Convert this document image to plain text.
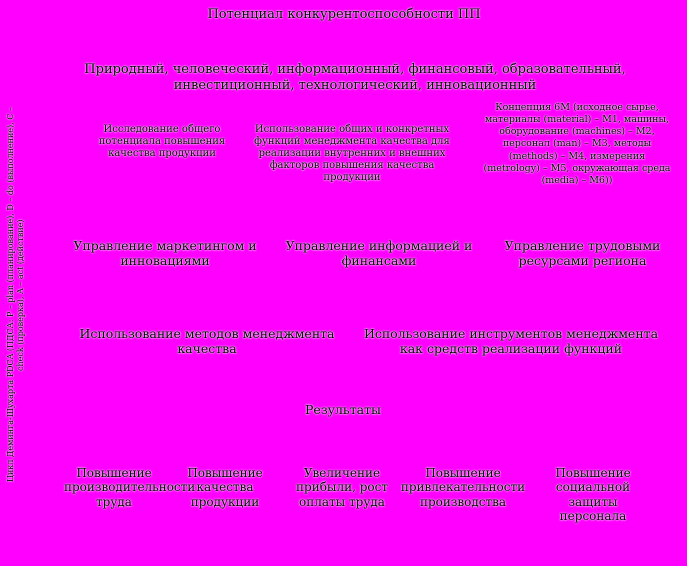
Потенциал конкурентоспособности ПП
Цикл Деминга-Шухарта PDCA (ПДСА: P – plan (планирование), D – do (выполнение), C – check (проверка), A – act (действие)
Природный, человеческий, информационный, финансовый, образовательный, инвестиционный, технологический, инновационный
Исследование общего потенциала повышения качества продукции
Использование общих и конкретных функций менеджмента качества для реализации внутренних и внешних факторов повышения качества продукции
Концепция 6М (исходное сырье, материалы (material) – M1, машины, оборудование (machines) – M2, персонал (man) – M3, методы (methods) – M4, измерения (metrology) – M5, окружающая среда (media) – M6))
Управление маркетингом и инновациями
Управление информацией и финансами
Управление трудовыми ресурсами региона
Использование методов менеджмента качества
Использование инструментов менеджмента как средств реализации функций
Результаты
Повышение производительности труда
Повышение качества продукции
Увеличение прибыли, рост оплаты труда
Повышение привлекательности производства
Повышение социальной защиты персонала
